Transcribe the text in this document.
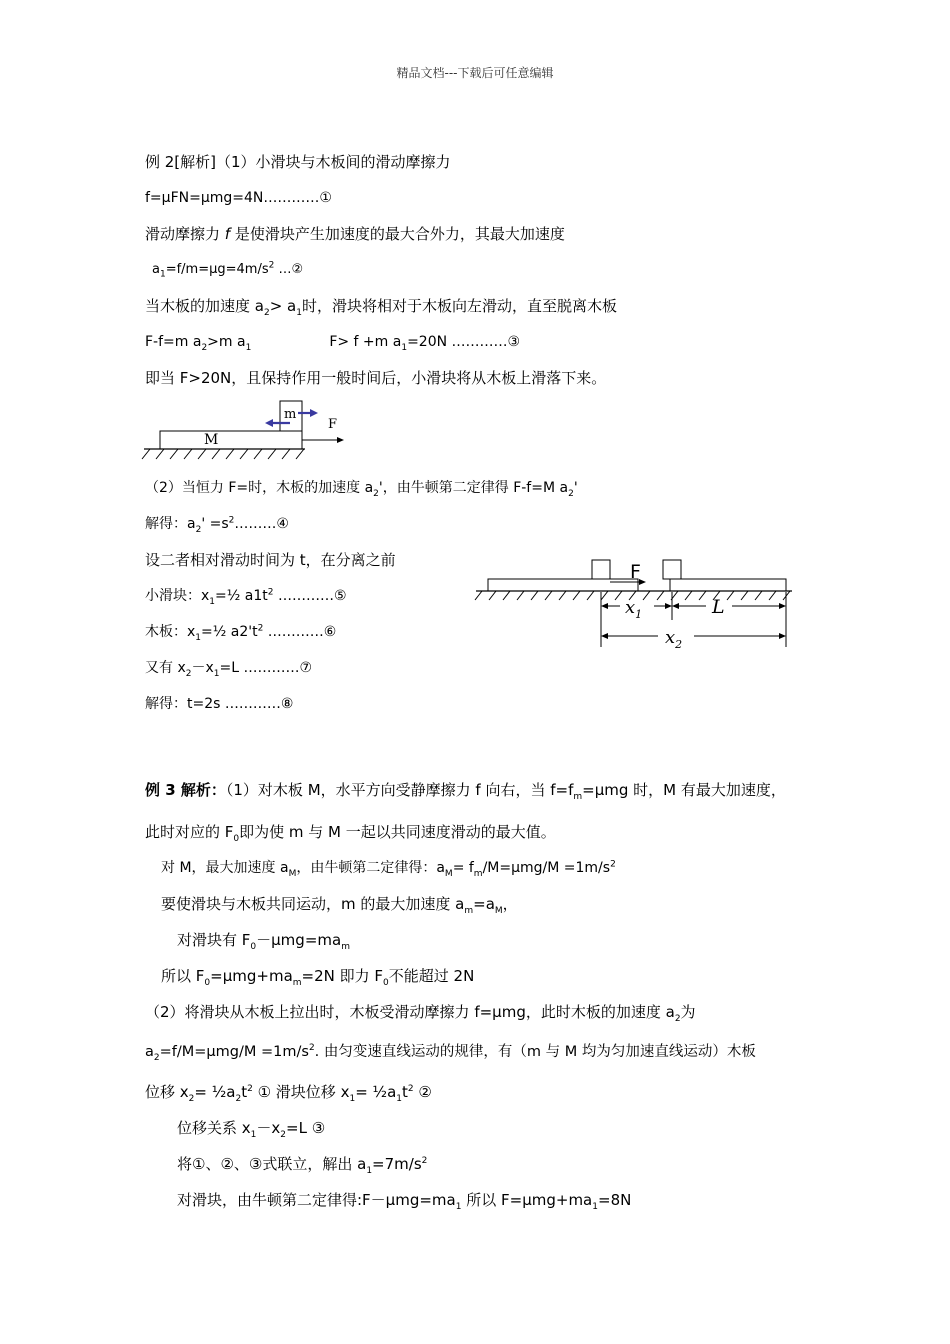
精品文档---下载后可任意编辑
例 2[解析]（1）小滑块与木板间的滑动摩擦力
f=μFN=μmg=4N…………①
滑动摩擦力 f 是使滑块产生加速度的最大合外力，其最大加速度
$a_1=f/m=\mu g=4m/s^2$ …②
当木板的加速度 $a_2> a_1$时，滑块将相对于木板向左滑动，直至脱离木板
F-f=m $a_2>m$ $a_1$	F> f +m $a_1=20N$ …………③
即当 F>20N，且保持作用一般时间后，小滑块将从木板上滑落下来。
M
m
F
（2）当恒力 F=时，木板的加速度 $a_2'$，由牛顿第二定律得 F-f=M $a_2'$
解得：$a_2'$ $=s^2\dots\dots\dots ④$
设二者相对滑动时间为 t，在分离之前
小滑块：$x_1=\frac{1}{2}$ $a1t^2$ …………⑤
木板：$x_1=\frac{1}{2}$ $a2't^2$ …………⑥
又有 $x_2-x_1=L$ …………⑦
解得：t=2s …………⑧
F
$x_1$	L
$x_2$
例 3 解析：（1）对木板 M，水平方向受静摩擦力 f 向右，当 $f=f_m=\mu mg$ 时，M 有最大加速度，
此时对应的 $F_0$即为使 m 与 M 一起以共同速度滑动的最大值。
对 M，最大加速度 $a_M$，由牛顿第二定律得：$a_M= f_m/M=\mu mg/M =1m/s^2$
要使滑块与木板共同运动，m 的最大加速度 $a_m=a_M$，
对滑块有 $F_0-\mu mg=ma_m$
所以 $F_0=\mu mg+ma_m=2N$ 即力 $F_0$不能超过 2N
（2）将滑块从木板上拉出时，木板受滑动摩擦力 f=μmg，此时木板的加速度 $a_2$为
$a_2=f/M=\mu mg/M =1m/s^2$. 由匀变速直线运动的规律，有（m 与 M 均为匀加速直线运动）木板
位移 $x_2=$ $\frac{1}{2}a_2t^2$ ① 滑块位移 $x_1=$ $\frac{1}{2}a_1t^2$ ②
位移关系 $x_1-x_2=L$ ③
将①、②、③式联立，解出 $a_1=7m/s^2$
对滑块，由牛顿第二定律得$:F-\mu mg=ma_1$ 所以 $F=\mu mg+ma_1=8N$
